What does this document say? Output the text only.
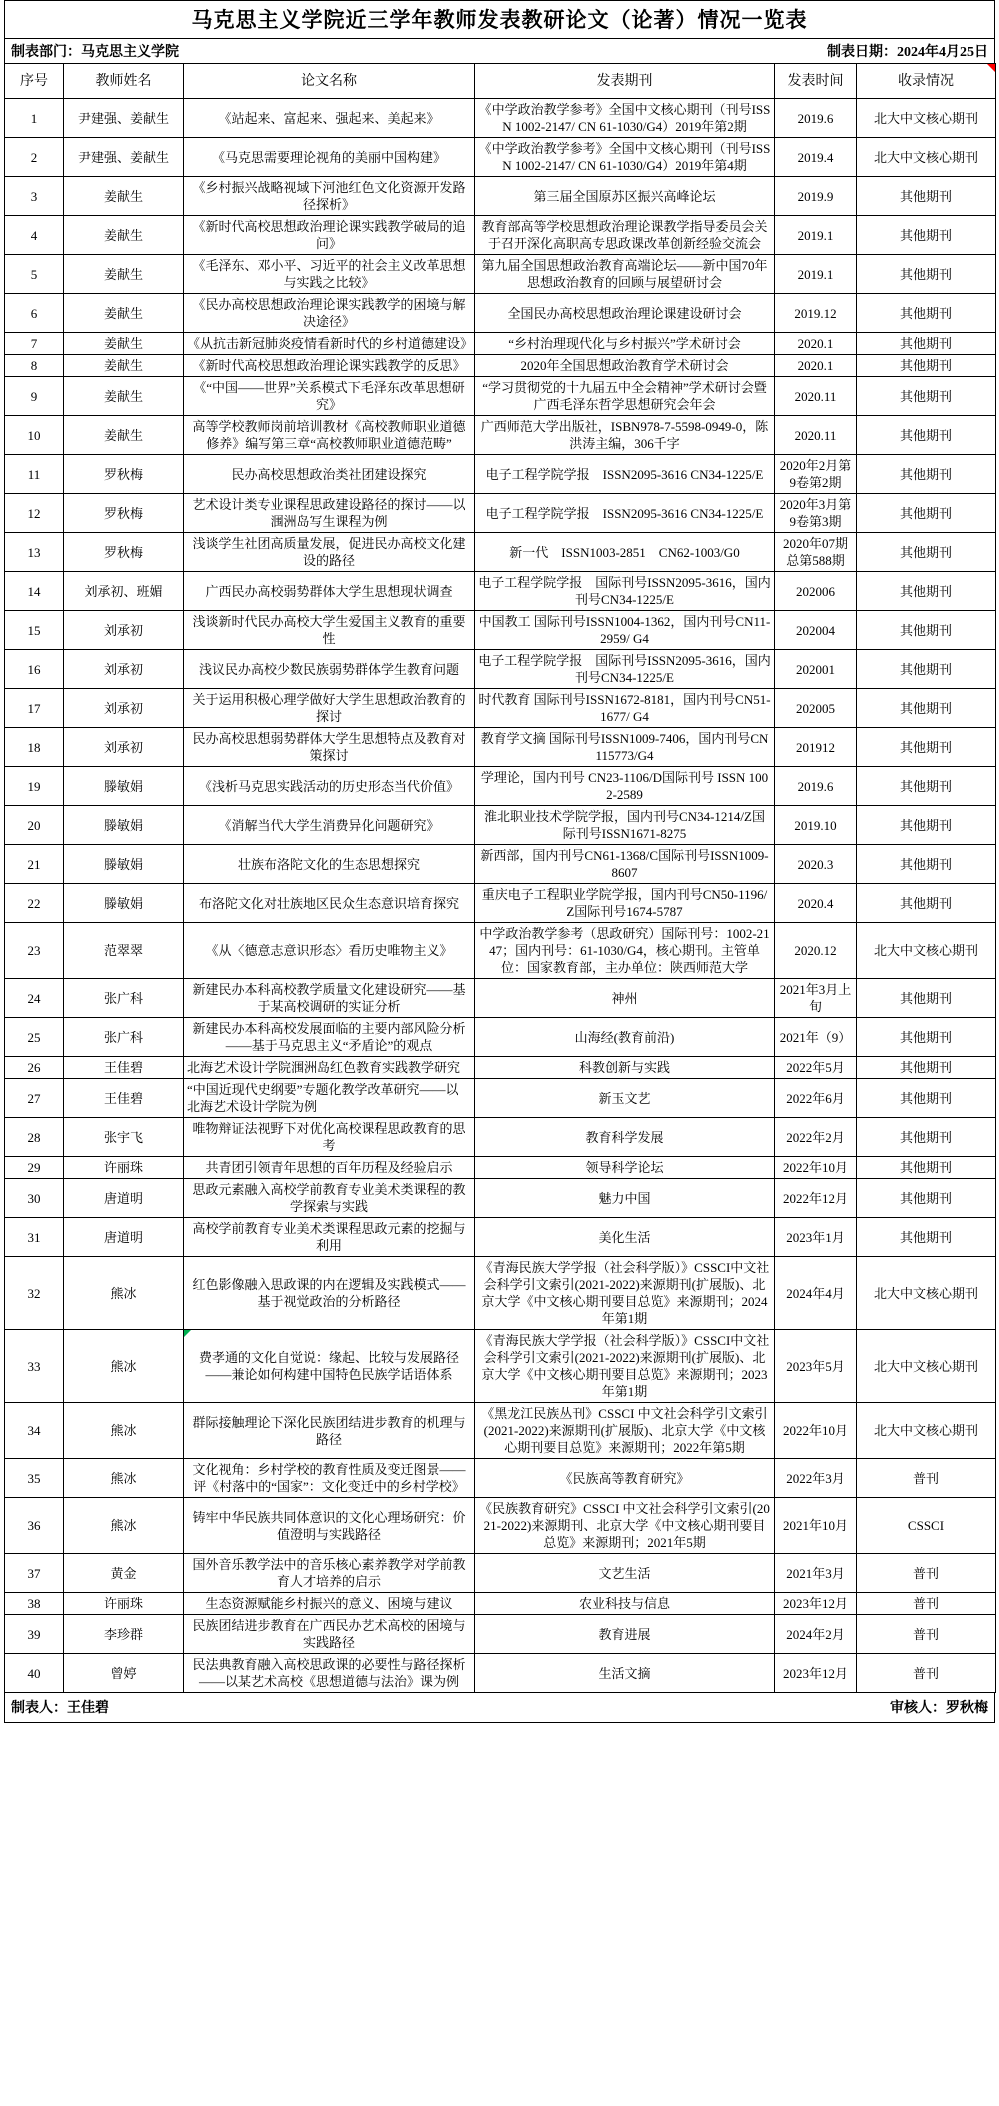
马克思主义学院近三学年教师发表教研论文（论著）情况一览表
制表部门：马克思主义学院	制表日期：2024年4月25日
序号	教师姓名	论文名称	发表期刊	发表时间	收录情况

1	尹建强、姜献生	《站起来、富起来、强起来、美起来》	《中学政治教学参考》全国中文核心期刊（刊号ISSN 1002-2147/ CN 61-1030/G4）2019年第2期	2019.6	北大中文核心期刊
2	尹建强、姜献生	《马克思需要理论视角的美丽中国构建》	《中学政治教学参考》全国中文核心期刊（刊号ISSN 1002-2147/ CN 61-1030/G4）2019年第4期	2019.4	北大中文核心期刊
3	姜献生	《乡村振兴战略视域下河池红色文化资源开发路径探析》	第三届全国原苏区振兴高峰论坛	2019.9	其他期刊
4	姜献生	《新时代高校思想政治理论课实践教学破局的追问》	教育部高等学校思想政治理论课教学指导委员会关于召开深化高职高专思政课改革创新经验交流会	2019.1	其他期刊
5	姜献生	《毛泽东、邓小平、习近平的社会主义改革思想与实践之比较》	第九届全国思想政治教育高端论坛——新中国70年思想政治教育的回顾与展望研讨会	2019.1	其他期刊
6	姜献生	《民办高校思想政治理论课实践教学的困境与解决途径》	全国民办高校思想政治理论课建设研讨会	2019.12	其他期刊
7	姜献生	《从抗击新冠肺炎疫情看新时代的乡村道德建设》	“乡村治理现代化与乡村振兴”学术研讨会	2020.1	其他期刊
8	姜献生	《新时代高校思想政治理论课实践教学的反思》	2020年全国思想政治教育学术研讨会	2020.1	其他期刊
9	姜献生	《“中国——世界”关系模式下毛泽东改革思想研究》	“学习贯彻党的十九届五中全会精神”学术研讨会暨广西毛泽东哲学思想研究会年会	2020.11	其他期刊
10	姜献生	高等学校教师岗前培训教材《高校教师职业道德修养》编写第三章“高校教师职业道德范畴”	广西师范大学出版社，ISBN978-7-5598-0949-0，陈洪涛主编，306千字	2020.11	其他期刊
11	罗秋梅	民办高校思想政治类社团建设探究	电子工程学院学报　ISSN2095-3616 CN34-1225/E	2020年2月第9卷第2期	其他期刊
12	罗秋梅	艺术设计类专业课程思政建设路径的探讨——以涠洲岛写生课程为例	电子工程学院学报　ISSN2095-3616 CN34-1225/E	2020年3月第9卷第3期	其他期刊
13	罗秋梅	浅谈学生社团高质量发展，促进民办高校文化建设的路径	新一代　ISSN1003-2851　CN62-1003/G0	2020年07期总第588期	其他期刊
14	刘承初、班媚	广西民办高校弱势群体大学生思想现状调查	电子工程学院学报　国际刊号ISSN2095-3616，国内刊号CN34-1225/E	202006	其他期刊
15	刘承初	浅谈新时代民办高校大学生爱国主义教育的重要性	中国教工 国际刊号ISSN1004-1362，国内刊号CN11-2959/ G4	202004	其他期刊
16	刘承初	浅议民办高校少数民族弱势群体学生教育问题	电子工程学院学报　国际刊号ISSN2095-3616，国内刊号CN34-1225/E	202001	其他期刊
17	刘承初	关于运用积极心理学做好大学生思想政治教育的探讨	时代教育 国际刊号ISSN1672-8181，国内刊号CN51-1677/ G4	202005	其他期刊
18	刘承初	民办高校思想弱势群体大学生思想特点及教育对策探讨	教育学文摘 国际刊号ISSN1009-7406，国内刊号CN115773/G4	201912	其他期刊
19	滕敏娟	《浅析马克思实践活动的历史形态当代价值》	学理论，国内刊号 CN23-1106/D国际刊号 ISSN 1002-2589	2019.6	其他期刊
20	滕敏娟	《消解当代大学生消费异化问题研究》	淮北职业技术学院学报，国内刊号CN34-1214/Z国际刊号ISSN1671-8275	2019.10	其他期刊
21	滕敏娟	壮族布洛陀文化的生态思想探究	新西部，国内刊号CN61-1368/C国际刊号ISSN1009-8607	2020.3	其他期刊
22	滕敏娟	布洛陀文化对壮族地区民众生态意识培育探究	重庆电子工程职业学院学报，国内刊号CN50-1196/Z国际刊号1674-5787	2020.4	其他期刊
23	范翠翠	《从〈德意志意识形态〉看历史唯物主义》	中学政治教学参考（思政研究）国际刊号：1002-2147；国内刊号：61-1030/G4，核心期刊。主管单位：国家教育部，主办单位：陕西师范大学	2020.12	北大中文核心期刊
24	张广科	新建民办本科高校教学质量文化建设研究——基于某高校调研的实证分析	神州	2021年3月上旬	其他期刊
25	张广科	新建民办本科高校发展面临的主要内部风险分析——基于马克思主义“矛盾论”的观点	山海经(教育前沿)	2021年（9）	其他期刊
26	王佳碧	北海艺术设计学院涠洲岛红色教育实践教学研究	科教创新与实践	2022年5月	其他期刊
27	王佳碧	“中国近现代史纲要”专题化教学改革研究——以北海艺术设计学院为例	新玉文艺	2022年6月	其他期刊
28	张宇飞	唯物辩证法视野下对优化高校课程思政教育的思考	教育科学发展	2022年2月	其他期刊
29	许丽珠	共青团引领青年思想的百年历程及经验启示	领导科学论坛	2022年10月	其他期刊
30	唐道明	思政元素融入高校学前教育专业美术类课程的教学探索与实践	魅力中国	2022年12月	其他期刊
31	唐道明	高校学前教育专业美术类课程思政元素的挖掘与利用	美化生活	2023年1月	其他期刊
32	熊冰	红色影像融入思政课的内在逻辑及实践模式——基于视觉政治的分析路径	《青海民族大学学报（社会科学版）》CSSCI中文社会科学引文索引(2021-2022)来源期刊(扩展版)、北京大学《中文核心期刊要目总览》来源期刊；2024年第1期	2024年4月	北大中文核心期刊
33	熊冰	费孝通的文化自觉说：缘起、比较与发展路径——兼论如何构建中国特色民族学话语体系	《青海民族大学学报（社会科学版）》CSSCI中文社会科学引文索引(2021-2022)来源期刊(扩展版)、北京大学《中文核心期刊要目总览》来源期刊；2023年第1期	2023年5月	北大中文核心期刊
34	熊冰	群际接触理论下深化民族团结进步教育的机理与路径	《黑龙江民族丛刊》CSSCI 中文社会科学引文索引(2021-2022)来源期刊(扩展版)、北京大学《中文核心期刊要目总览》来源期刊；2022年第5期	2022年10月	北大中文核心期刊
35	熊冰	文化视角：乡村学校的教育性质及变迁图景——评《村落中的“国家”：文化变迁中的乡村学校》	《民族高等教育研究》	2022年3月	普刊
36	熊冰	铸牢中华民族共同体意识的文化心理场研究：价值澄明与实践路径	《民族教育研究》CSSCI 中文社会科学引文索引(2021-2022)来源期刊、北京大学《中文核心期刊要目总览》来源期刊；2021年5期	2021年10月	CSSCI
37	黄金	国外音乐教学法中的音乐核心素养教学对学前教育人才培养的启示	文艺生活	2021年3月	普刊
38	许丽珠	生态资源赋能乡村振兴的意义、困境与建议	农业科技与信息	2023年12月	普刊
39	李珍群	民族团结进步教育在广西民办艺术高校的困境与实践路径	教育进展	2024年2月	普刊
40	曾婷	民法典教育融入高校思政课的必要性与路径探析——以某艺术高校《思想道德与法治》课为例	生活文摘	2023年12月	普刊
制表人：王佳碧	审核人：罗秋梅
